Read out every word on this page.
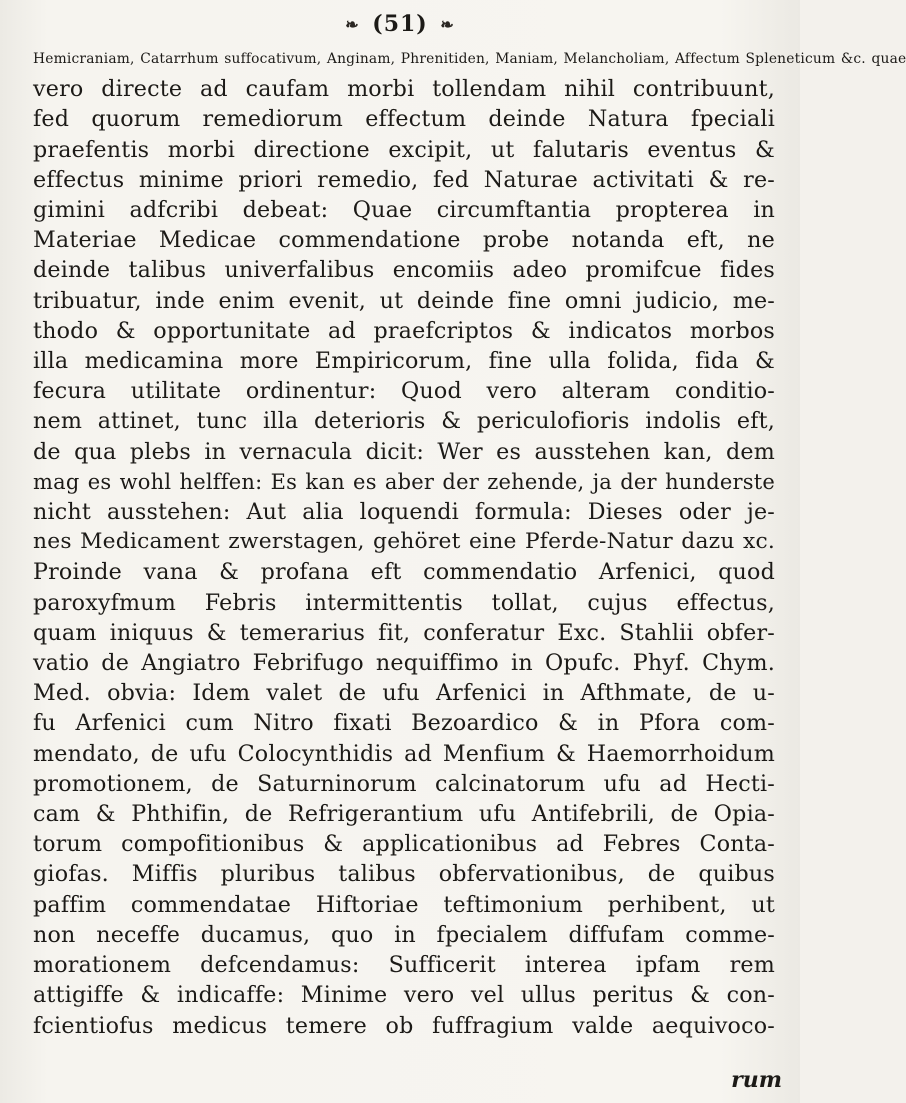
❧ (51) ❧
Hemicraniam, Catarrhum suffocativum, Anginam, Phrenitiden, Maniam, Melancholiam, Affectum Spleneticum &c. quae
vero directe ad caufam morbi tollendam nihil contribuunt,
fed quorum remediorum effectum deinde Natura fpeciali
praefentis morbi directione excipit, ut falutaris eventus &
effectus minime priori remedio, fed Naturae activitati & re-
gimini adfcribi debeat: Quae circumftantia propterea in
Materiae Medicae commendatione probe notanda eft, ne
deinde talibus univerfalibus encomiis adeo promifcue fides
tribuatur, inde enim evenit, ut deinde fine omni judicio, me-
thodo & opportunitate ad praefcriptos & indicatos morbos
illa medicamina more Empiricorum, fine ulla folida, fida &
fecura utilitate ordinentur: Quod vero alteram conditio-
nem attinet, tunc illa deterioris & periculofioris indolis eft,
de qua plebs in vernacula dicit: Wer es ausstehen kan, dem
mag es wohl helffen: Es kan es aber der zehende, ja der hunderste
nicht ausstehen: Aut alia loquendi formula: Dieses oder je-
nes Medicament zwerstagen, gehöret eine Pferde-Natur dazu xc.
Proinde vana & profana eft commendatio Arfenici, quod
paroxyfmum Febris intermittentis tollat, cujus effectus,
quam iniquus & temerarius fit, conferatur Exc. Stahlii obfer-
vatio de Angiatro Febrifugo nequiffimo in Opufc. Phyf. Chym.
Med. obvia: Idem valet de ufu Arfenici in Afthmate, de u-
fu Arfenici cum Nitro fixati Bezoardico & in Pfora com-
mendato, de ufu Colocynthidis ad Menfium & Haemorrhoidum
promotionem, de Saturninorum calcinatorum ufu ad Hecti-
cam & Phthifin, de Refrigerantium ufu Antifebrili, de Opia-
torum compofitionibus & applicationibus ad Febres Conta-
giofas. Miffis pluribus talibus obfervationibus, de quibus
paffim commendatae Hiftoriae teftimonium perhibent, ut
non neceffe ducamus, quo in fpecialem diffufam comme-
morationem defcendamus: Sufficerit interea ipfam rem
attigiffe & indicaffe: Minime vero vel ullus peritus & con-
fcientiofus medicus temere ob fuffragium valde aequivoco-
rum
